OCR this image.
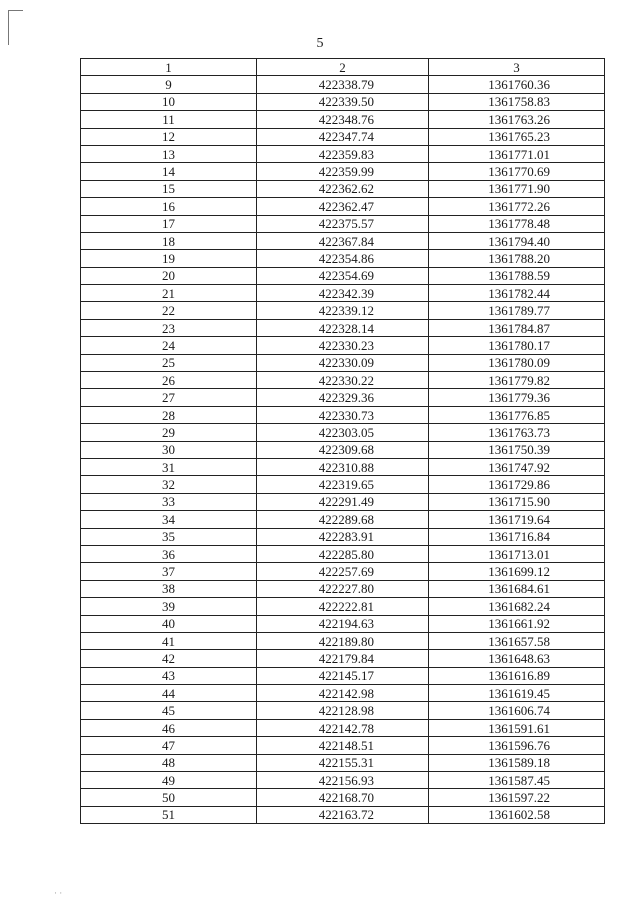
5
1	2	3
9	422338.79	1361760.36
10	422339.50	1361758.83
11	422348.76	1361763.26
12	422347.74	1361765.23
13	422359.83	1361771.01
14	422359.99	1361770.69
15	422362.62	1361771.90
16	422362.47	1361772.26
17	422375.57	1361778.48
18	422367.84	1361794.40
19	422354.86	1361788.20
20	422354.69	1361788.59
21	422342.39	1361782.44
22	422339.12	1361789.77
23	422328.14	1361784.87
24	422330.23	1361780.17
25	422330.09	1361780.09
26	422330.22	1361779.82
27	422329.36	1361779.36
28	422330.73	1361776.85
29	422303.05	1361763.73
30	422309.68	1361750.39
31	422310.88	1361747.92
32	422319.65	1361729.86
33	422291.49	1361715.90
34	422289.68	1361719.64
35	422283.91	1361716.84
36	422285.80	1361713.01
37	422257.69	1361699.12
38	422227.80	1361684.61
39	422222.81	1361682.24
40	422194.63	1361661.92
41	422189.80	1361657.58
42	422179.84	1361648.63
43	422145.17	1361616.89
44	422142.98	1361619.45
45	422128.98	1361606.74
46	422142.78	1361591.61
47	422148.51	1361596.76
48	422155.31	1361589.18
49	422156.93	1361587.45
50	422168.70	1361597.22
51	422163.72	1361602.58
· ·
